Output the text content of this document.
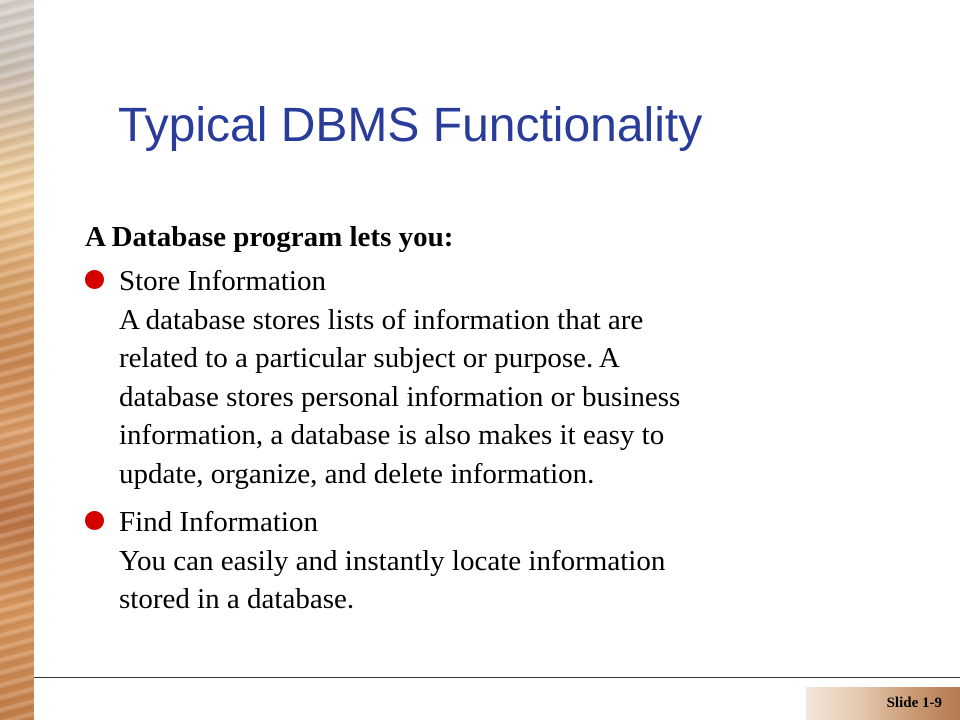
Typical DBMS Functionality
A Database program lets you:
Store Information
A database stores lists of information that are
related to a particular subject or purpose. A
database stores personal information or business
information, a database is also makes it easy to
update, organize, and delete information.
Find Information
You can easily and instantly locate information
stored in a database.
Slide 1-9
